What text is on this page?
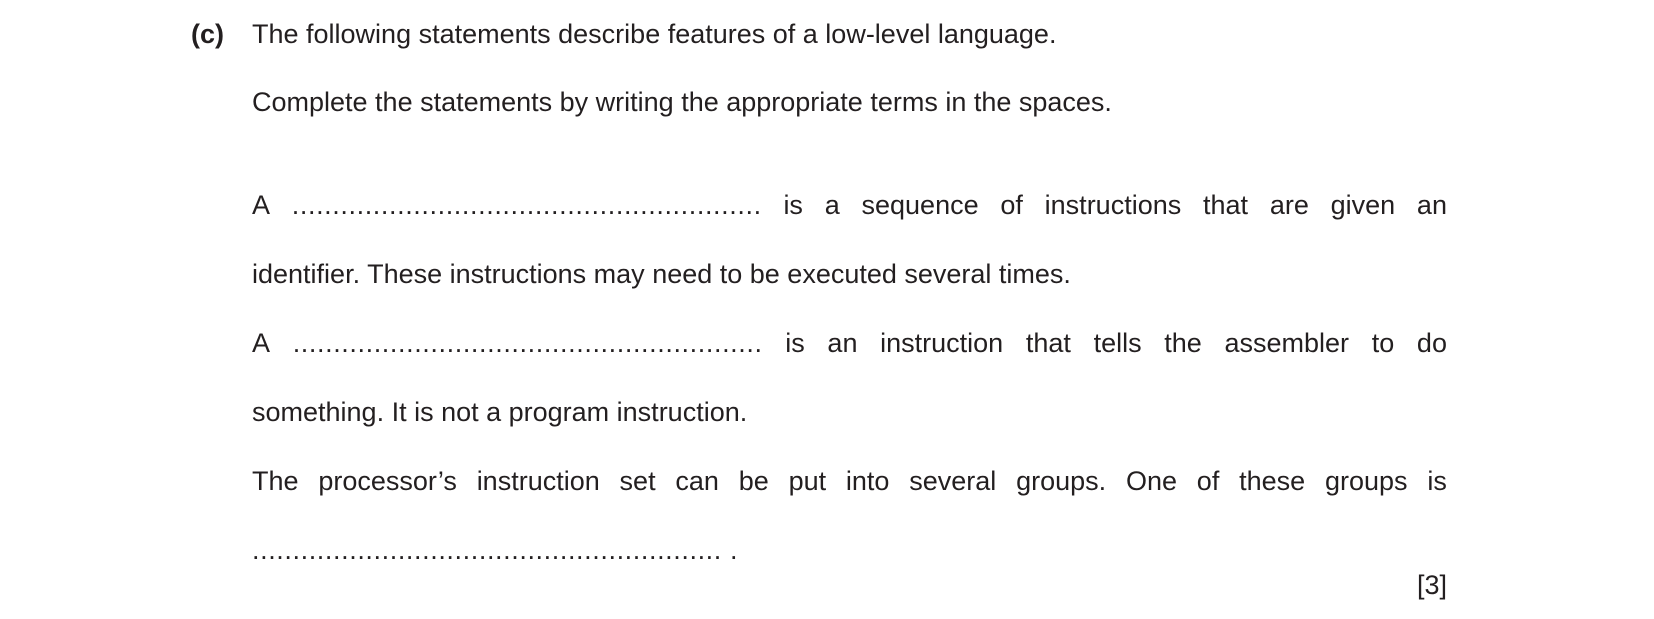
(c) The following statements describe features of a low-level language.
Complete the statements by writing the appropriate terms in the spaces.
A .......................................................... is a sequence of instructions that are given an
identifier. These instructions may need to be executed several times.
A .......................................................... is an instruction that tells the assembler to do
something. It is not a program instruction.
The processor’s instruction set can be put into several groups. One of these groups is
.......................................................... .
[3]
